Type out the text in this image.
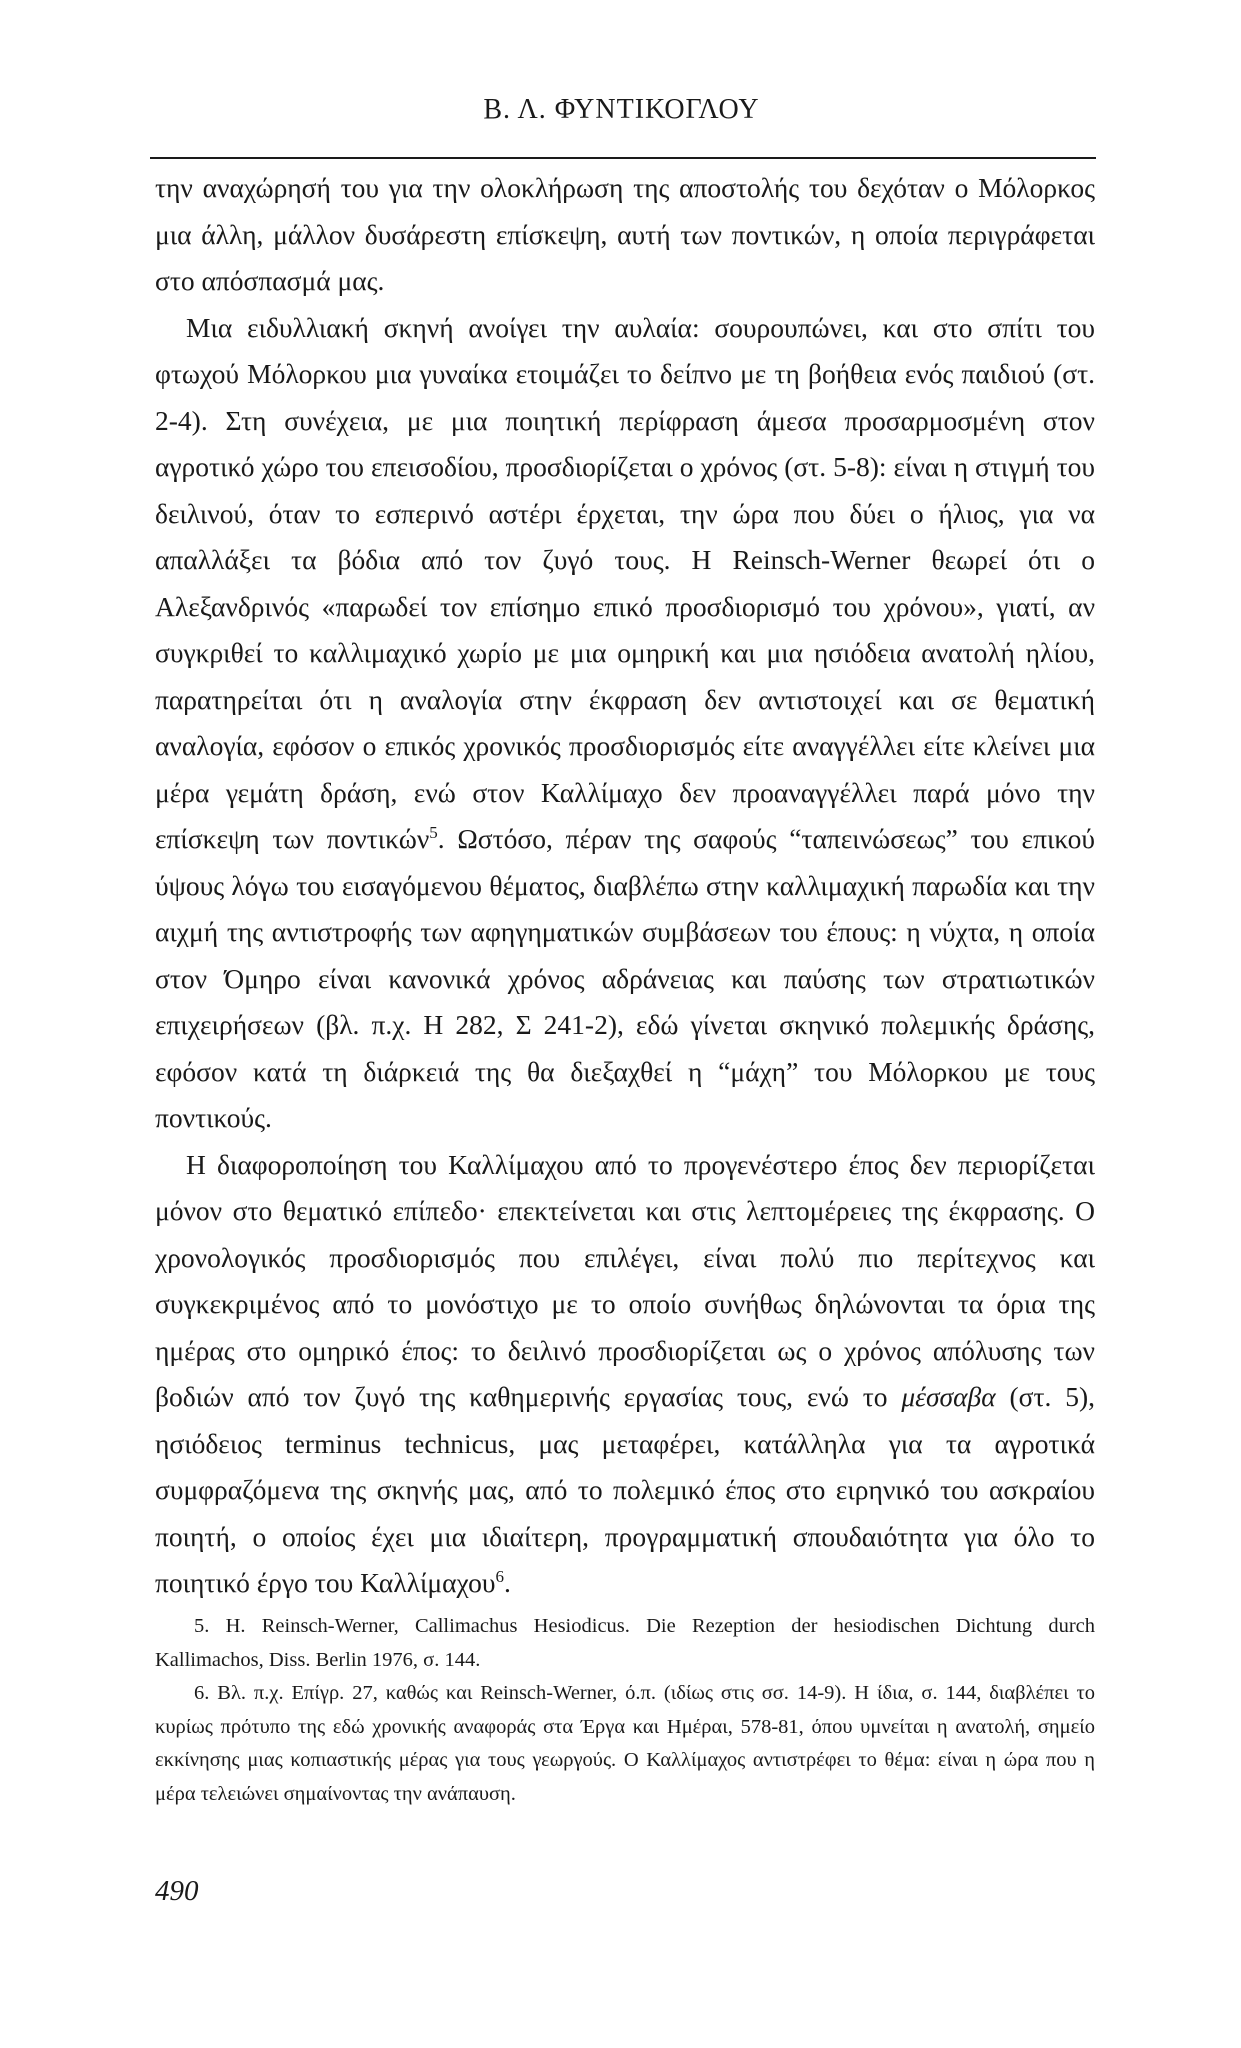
Β. Λ. ΦΥΝΤΙΚΟΓΛΟΥ

την αναχώρησή του για την ολοκλήρωση της αποστολής του δεχόταν ο Μόλορκος μια άλλη, μάλλον δυσάρεστη επίσκεψη, αυτή των ποντικών, η οποία περιγράφεται στο απόσπασμά μας.

Μια ειδυλλιακή σκηνή ανοίγει την αυλαία: σουρουπώνει, και στο σπίτι του φτωχού Μόλορκου μια γυναίκα ετοιμάζει το δείπνο με τη βοήθεια ενός παιδιού (στ. 2-4). Στη συνέχεια, με μια ποιητική περίφραση άμεσα προσαρμοσμένη στον αγροτικό χώρο του επεισοδίου, προσδιορίζεται ο χρόνος (στ. 5-8): είναι η στιγμή του δειλινού, όταν το εσπερινό αστέρι έρχεται, την ώρα που δύει ο ήλιος, για να απαλλάξει τα βόδια από τον ζυγό τους. Η Reinsch-Werner θεωρεί ότι ο Αλεξανδρινός «παρωδεί τον επίσημο επικό προσδιορισμό του χρόνου», γιατί, αν συγκριθεί το καλλιμαχικό χωρίο με μια ομηρική και μια ησιόδεια ανατολή ηλίου, παρατηρείται ότι η αναλογία στην έκφραση δεν αντιστοιχεί και σε θεματική αναλογία, εφόσον ο επικός χρονικός προσδιορισμός είτε αναγγέλλει είτε κλείνει μια μέρα γεμάτη δράση, ενώ στον Καλλίμαχο δεν προαναγγέλλει παρά μόνο την επίσκεψη των ποντικών$^5$. Ωστόσο, πέραν της σαφούς “ταπεινώσεως” του επικού ύψους λόγω του εισαγόμενου θέματος, διαβλέπω στην καλλιμαχική παρωδία και την αιχμή της αντιστροφής των αφηγηματικών συμβάσεων του έπους: η νύχτα, η οποία στον Όμηρο είναι κανονικά χρόνος αδράνειας και παύσης των στρατιωτικών επιχειρήσεων (βλ. π.χ. Η 282, Σ 241-2), εδώ γίνεται σκηνικό πολεμικής δράσης, εφόσον κατά τη διάρκειά της θα διεξαχθεί η “μάχη” του Μόλορκου με τους ποντικούς.

Η διαφοροποίηση του Καλλίμαχου από το προγενέστερο έπος δεν περιορίζεται μόνον στο θεματικό επίπεδο· επεκτείνεται και στις λεπτομέρειες της έκφρασης. Ο χρονολογικός προσδιορισμός που επιλέγει, είναι πολύ πιο περίτεχνος και συγκεκριμένος από το μονόστιχο με το οποίο συνήθως δηλώνονται τα όρια της ημέρας στο ομηρικό έπος: το δειλινό προσδιορίζεται ως ο χρόνος απόλυσης των βοδιών από τον ζυγό της καθημερινής εργασίας τους, ενώ το μέσσαβα (στ. 5), ησιόδειος terminus technicus, μας μεταφέρει, κατάλληλα για τα αγροτικά συμφραζόμενα της σκηνής μας, από το πολεμικό έπος στο ειρηνικό του ασκραίου ποιητή, ο οποίος έχει μια ιδιαίτερη, προγραμματική σπουδαιότητα για όλο το ποιητικό έργο του Καλλίμαχου$^6$.

5. H. Reinsch-Werner, Callimachus Hesiodicus. Die Rezeption der hesiodischen Dichtung durch Kallimachos, Diss. Berlin 1976, σ. 144.

6. Βλ. π.χ. Επίγρ. 27, καθώς και Reinsch-Werner, ό.π. (ιδίως στις σσ. 14-9). Η ίδια, σ. 144, διαβλέπει το κυρίως πρότυπο της εδώ χρονικής αναφοράς στα Έργα και Ημέραι, 578-81, όπου υμνείται η ανατολή, σημείο εκκίνησης μιας κοπιαστικής μέρας για τους γεωργούς. Ο Καλλίμαχος αντιστρέφει το θέμα: είναι η ώρα που η μέρα τελειώνει σημαίνοντας την ανάπαυση.

490
